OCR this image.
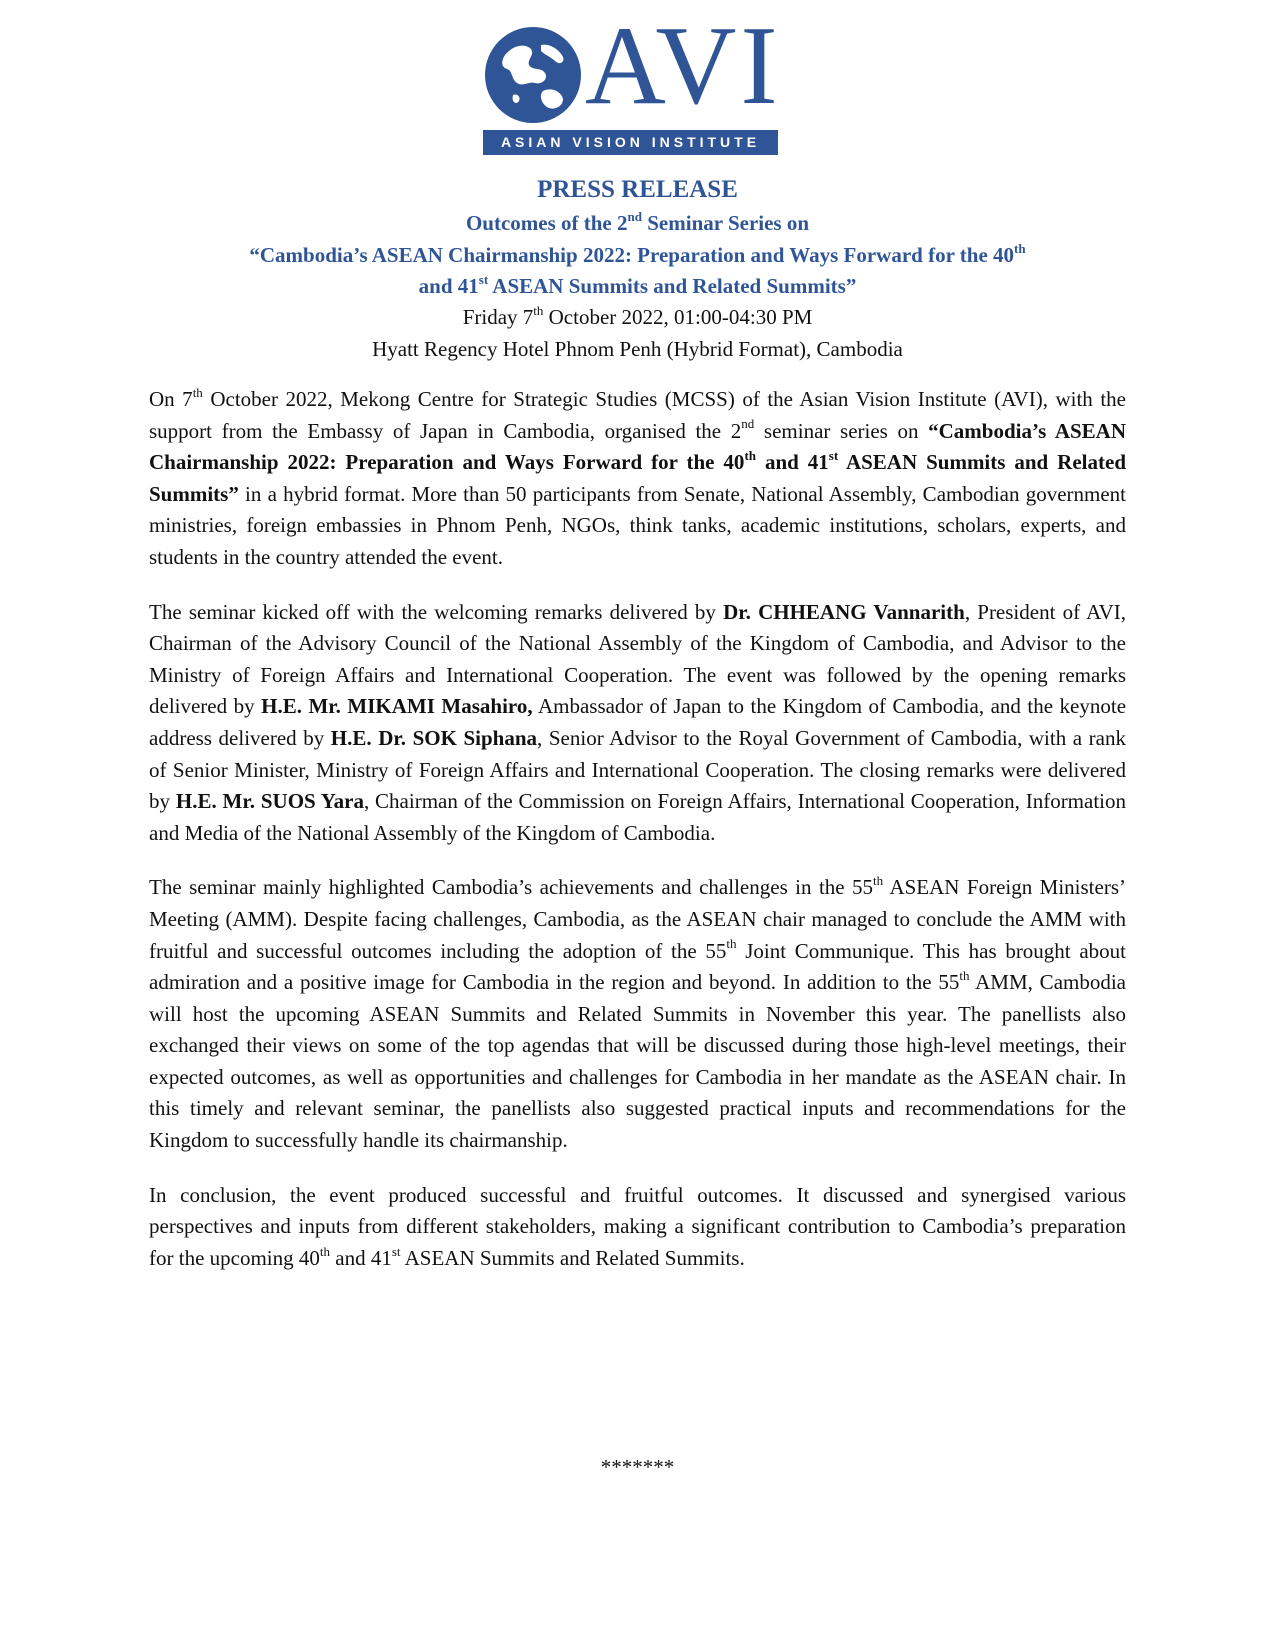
AVI
ASIAN VISION INSTITUTE
PRESS RELEASE
Outcomes of the 2nd Seminar Series on
“Cambodia’s ASEAN Chairmanship 2022: Preparation and Ways Forward for the 40th
and 41st ASEAN Summits and Related Summits”
Friday 7th October 2022, 01:00-04:30 PM
Hyatt Regency Hotel Phnom Penh (Hybrid Format), Cambodia

On 7th October 2022, Mekong Centre for Strategic Studies (MCSS) of the Asian Vision Institute (AVI), with the support from the Embassy of Japan in Cambodia, organised the 2nd seminar series on “Cambodia’s ASEAN Chairmanship 2022: Preparation and Ways Forward for the 40th and 41st ASEAN Summits and Related Summits” in a hybrid format. More than 50 participants from Senate, National Assembly, Cambodian government ministries, foreign embassies in Phnom Penh, NGOs, think tanks, academic institutions, scholars, experts, and students in the country attended the event.

The seminar kicked off with the welcoming remarks delivered by Dr. CHHEANG Vannarith, President of AVI, Chairman of the Advisory Council of the National Assembly of the Kingdom of Cambodia, and Advisor to the Ministry of Foreign Affairs and International Cooperation. The event was followed by the opening remarks delivered by H.E. Mr. MIKAMI Masahiro, Ambassador of Japan to the Kingdom of Cambodia, and the keynote address delivered by H.E. Dr. SOK Siphana, Senior Advisor to the Royal Government of Cambodia, with a rank of Senior Minister, Ministry of Foreign Affairs and International Cooperation. The closing remarks were delivered by H.E. Mr. SUOS Yara, Chairman of the Commission on Foreign Affairs, International Cooperation, Information and Media of the National Assembly of the Kingdom of Cambodia.

The seminar mainly highlighted Cambodia’s achievements and challenges in the 55th ASEAN Foreign Ministers’ Meeting (AMM). Despite facing challenges, Cambodia, as the ASEAN chair managed to conclude the AMM with fruitful and successful outcomes including the adoption of the 55th Joint Communique. This has brought about admiration and a positive image for Cambodia in the region and beyond. In addition to the 55th AMM, Cambodia will host the upcoming ASEAN Summits and Related Summits in November this year. The panellists also exchanged their views on some of the top agendas that will be discussed during those high-level meetings, their expected outcomes, as well as opportunities and challenges for Cambodia in her mandate as the ASEAN chair. In this timely and relevant seminar, the panellists also suggested practical inputs and recommendations for the Kingdom to successfully handle its chairmanship.

In conclusion, the event produced successful and fruitful outcomes. It discussed and synergised various perspectives and inputs from different stakeholders, making a significant contribution to Cambodia’s preparation for the upcoming 40th and 41st ASEAN Summits and Related Summits.

*******
